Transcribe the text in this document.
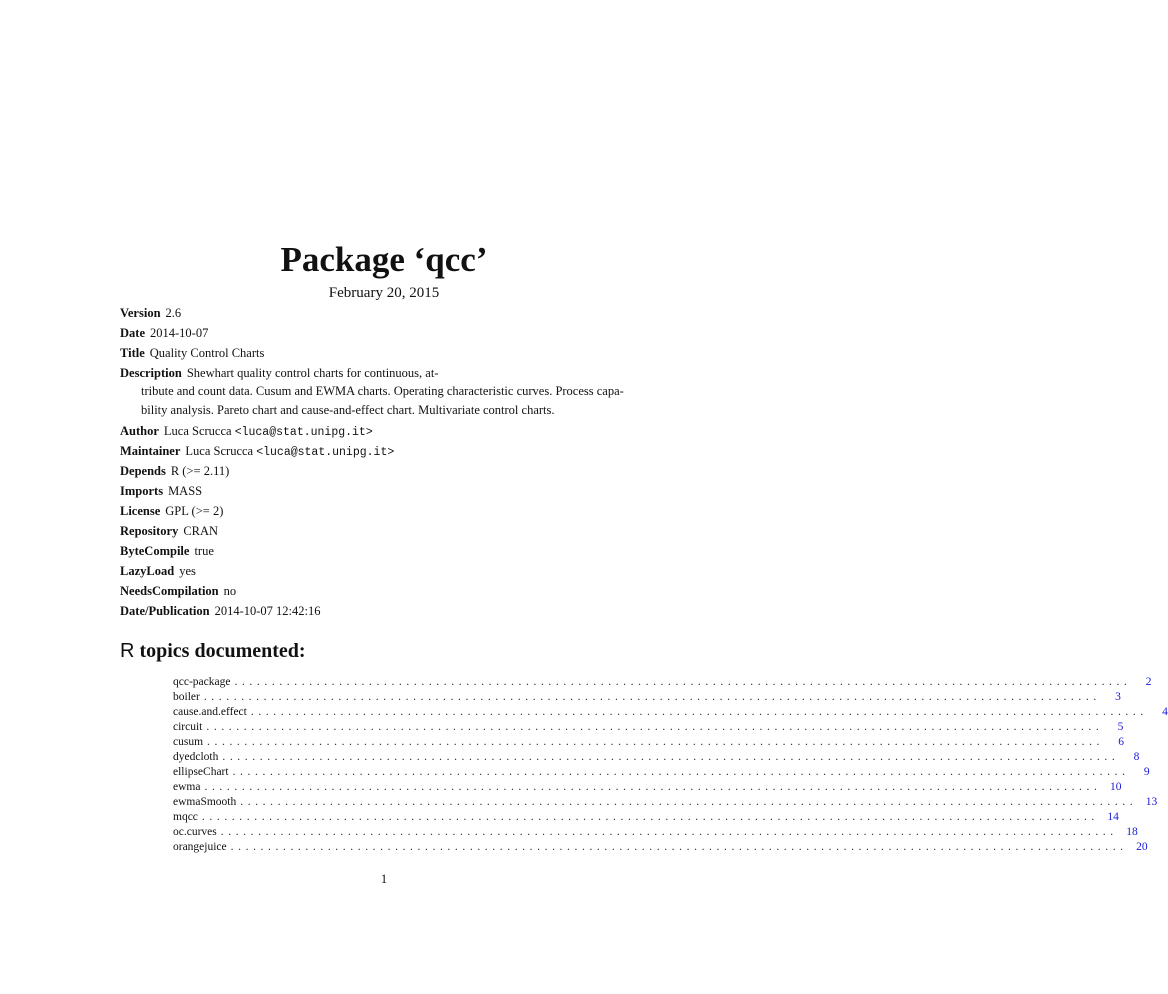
Package ‘qcc’
February 20, 2015
Version 2.6
Date 2014-10-07
Title Quality Control Charts
Description Shewhart quality control charts for continuous, at-
tribute and count data. Cusum and EWMA charts. Operating characteristic curves. Process capa-
bility analysis. Pareto chart and cause-and-effect chart. Multivariate control charts.
Author Luca Scrucca <luca@stat.unipg.it>
Maintainer Luca Scrucca <luca@stat.unipg.it>
Depends R (>= 2.11)
Imports MASS
License GPL (>= 2)
Repository CRAN
ByteCompile true
LazyLoad yes
NeedsCompilation no
Date/Publication 2014-10-07 12:42:16
R topics documented:
qcc-package ........................................................................................................................	2
boiler ........................................................................................................................	3
cause.and.effect ........................................................................................................................	4
circuit ........................................................................................................................	5
cusum ........................................................................................................................	6
dyedcloth ........................................................................................................................	8
ellipseChart ........................................................................................................................	9
ewma ........................................................................................................................ 10
ewmaSmooth ........................................................................................................................ 13
mqcc ........................................................................................................................ 14
oc.curves ........................................................................................................................ 18
orangejuice ........................................................................................................................ 20
1
